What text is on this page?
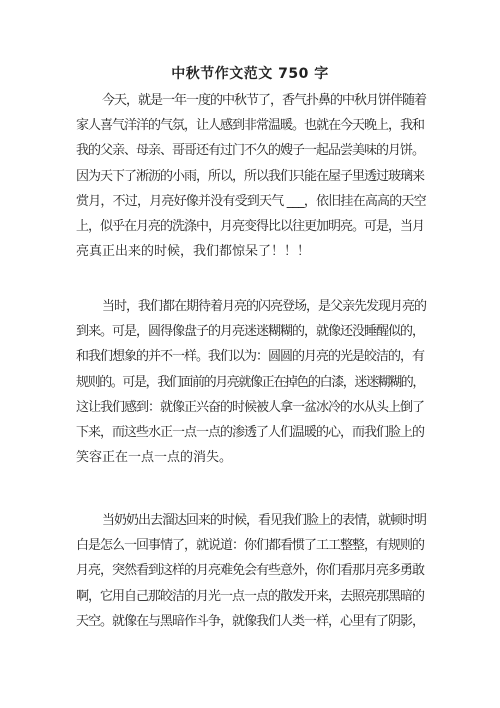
中秋节作文范文 750 字
今天，就是一年一度的中秋节了，香气扑鼻的中秋月饼伴随着
家人喜气洋洋的气氛，让人感到非常温暖。也就在今天晚上，我和
我的父亲、母亲、哥哥还有过门不久的嫂子一起品尝美味的月饼。
因为天下了淅沥的小雨，所以，所以我们只能在屋子里透过玻璃来
赏月，不过，月亮好像并没有受到天气 ___，依旧挂在高高的天空
上，似乎在月亮的洗涤中，月亮变得比以往更加明亮。可是，当月
亮真正出来的时候，我们都惊呆了！！！
当时，我们都在期待着月亮的闪亮登场，是父亲先发现月亮的
到来。可是，圆得像盘子的月亮迷迷糊糊的，就像还没睡醒似的，
和我们想象的并不一样。我们以为：圆圆的月亮的光是皎洁的，有
规则的。可是，我们面前的月亮就像正在掉色的白漆，迷迷糊糊的，
这让我们感到：就像正兴奋的时候被人拿一盆冰冷的水从头上倒了
下来，而这些水正一点一点的渗透了人们温暖的心，而我们脸上的
笑容正在一点一点的消失。
当奶奶出去溜达回来的时候，看见我们脸上的表情，就顿时明
白是怎么一回事情了，就说道：你们都看惯了工工整整，有规则的
月亮，突然看到这样的月亮难免会有些意外，你们看那月亮多勇敢
啊，它用自己那皎洁的月光一点一点的散发开来，去照亮那黑暗的
天空。就像在与黑暗作斗争，就像我们人类一样，心里有了阴影，
